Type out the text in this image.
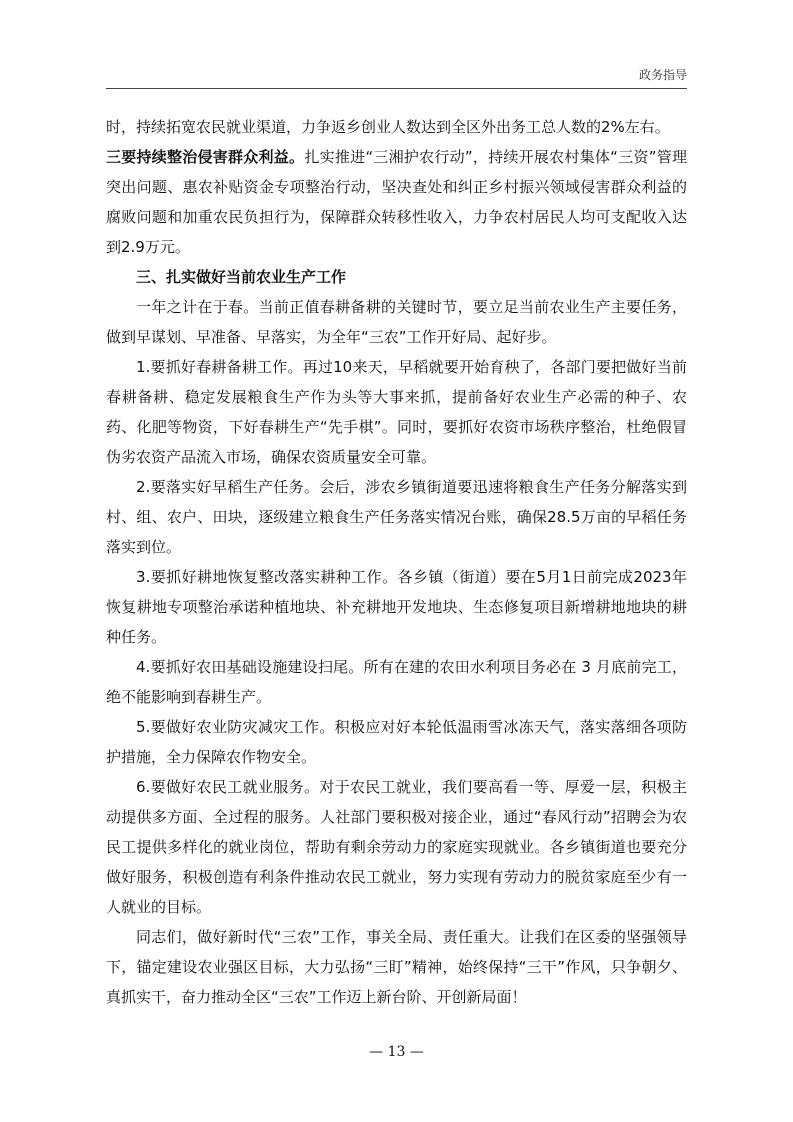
政务指导

时，持续拓宽农民就业渠道，力争返乡创业人数达到全区外出务工总人数的2%左右。

三要持续整治侵害群众利益。扎实推进“三湘护农行动”，持续开展农村集体“三资”管理突出问题、惠农补贴资金专项整治行动，坚决查处和纠正乡村振兴领域侵害群众利益的腐败问题和加重农民负担行为，保障群众转移性收入，力争农村居民人均可支配收入达到2.9万元。

三、扎实做好当前农业生产工作

一年之计在于春。当前正值春耕备耕的关键时节，要立足当前农业生产主要任务，做到早谋划、早准备、早落实，为全年“三农”工作开好局、起好步。

1.要抓好春耕备耕工作。再过10来天，早稻就要开始育秧了，各部门要把做好当前春耕备耕、稳定发展粮食生产作为头等大事来抓，提前备好农业生产必需的种子、农药、化肥等物资，下好春耕生产“先手棋”。同时，要抓好农资市场秩序整治，杜绝假冒伪劣农资产品流入市场，确保农资质量安全可靠。

2.要落实好早稻生产任务。会后，涉农乡镇街道要迅速将粮食生产任务分解落实到村、组、农户、田块，逐级建立粮食生产任务落实情况台账，确保28.5万亩的早稻任务落实到位。

3.要抓好耕地恢复整改落实耕种工作。各乡镇（街道）要在5月1日前完成2023年恢复耕地专项整治承诺种植地块、补充耕地开发地块、生态修复项目新增耕地地块的耕种任务。

4.要抓好农田基础设施建设扫尾。所有在建的农田水利项目务必在 3 月底前完工，绝不能影响到春耕生产。

5.要做好农业防灾减灾工作。积极应对好本轮低温雨雪冰冻天气，落实落细各项防护措施，全力保障农作物安全。

6.要做好农民工就业服务。对于农民工就业，我们要高看一等、厚爱一层，积极主动提供多方面、全过程的服务。人社部门要积极对接企业，通过“春风行动”招聘会为农民工提供多样化的就业岗位，帮助有剩余劳动力的家庭实现就业。各乡镇街道也要充分做好服务，积极创造有利条件推动农民工就业，努力实现有劳动力的脱贫家庭至少有一人就业的目标。

同志们，做好新时代“三农”工作，事关全局、责任重大。让我们在区委的坚强领导下，锚定建设农业强区目标，大力弘扬“三盯”精神，始终保持“三干”作风，只争朝夕、真抓实干，奋力推动全区“三农”工作迈上新台阶、开创新局面！

— 13 —
